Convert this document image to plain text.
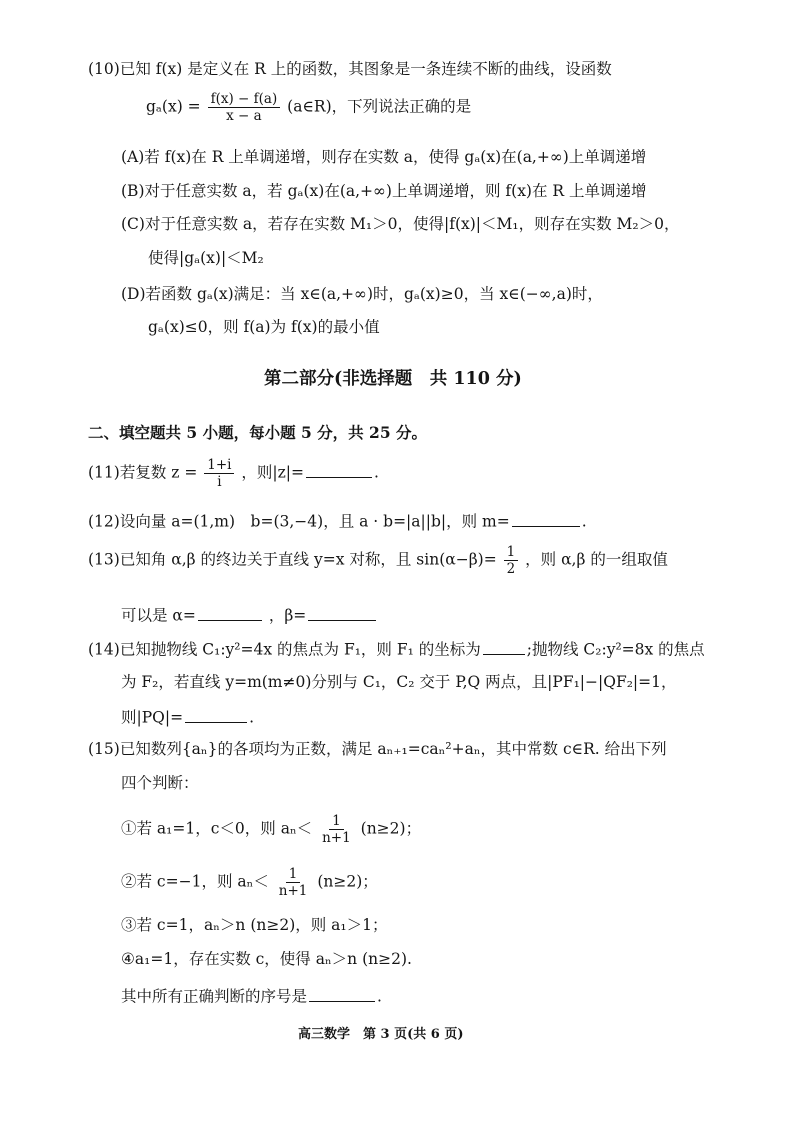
(10)已知 f(x) 是定义在 R 上的函数，其图象是一条连续不断的曲线，设函数
$g_a(x) = \frac{f(x) - f(a)}{x - a}$ (a∈R)，下列说法正确的是
(A)若 f(x)在 R 上单调递增，则存在实数 a，使得 gₐ(x)在(a,+∞)上单调递增
(B)对于任意实数 a，若 gₐ(x)在(a,+∞)上单调递增，则 f(x)在 R 上单调递增
(C)对于任意实数 a，若存在实数 M₁＞0，使得|f(x)|＜M₁，则存在实数 M₂＞0，
使得|gₐ(x)|＜M₂
(D)若函数 gₐ(x)满足：当 x∈(a,+∞)时，gₐ(x)≥0，当 x∈(−∞,a)时，
gₐ(x)≤0，则 f(a)为 f(x)的最小值
第二部分(非选择题　共 110 分)
二、填空题共 5 小题，每小题 5 分，共 25 分。
(11)若复数 $z = \frac{1+i}{i}$ ，则|z|=	.
(12)设向量 a=(1,m)　b=(3,−4)，且 a · b=|a||b|，则 m=	.
(13)已知角 α,β 的终边关于直线 y=x 对称，且 $\sin(\alpha-\beta)= \frac{1}{2}$ ，则 α,β 的一组取值
可以是 α=	，β=
(14)已知抛物线 C₁:y²=4x 的焦点为 F₁，则 F₁ 的坐标为	;抛物线 C₂:y²=8x 的焦点
为 F₂，若直线 y=m(m≠0)分别与 C₁，C₂ 交于 P,Q 两点，且|PF₁|−|QF₂|=1，
则|PQ|=	.
(15)已知数列{aₙ}的各项均为正数，满足 aₙ₊₁=caₙ²+aₙ，其中常数 c∈R. 给出下列
四个判断：
①若 a₁=1，c＜0，则 $a_n< \frac{1}{n+1} (n\ge 2)$；
②若 c=−1，则 $a_n< \frac{1}{n+1} (n\ge 2)$；
③若 c=1，aₙ＞n (n≥2)，则 a₁＞1；
④a₁=1，存在实数 c，使得 aₙ＞n (n≥2).
其中所有正确判断的序号是	.
高三数学　第 3 页(共 6 页)
